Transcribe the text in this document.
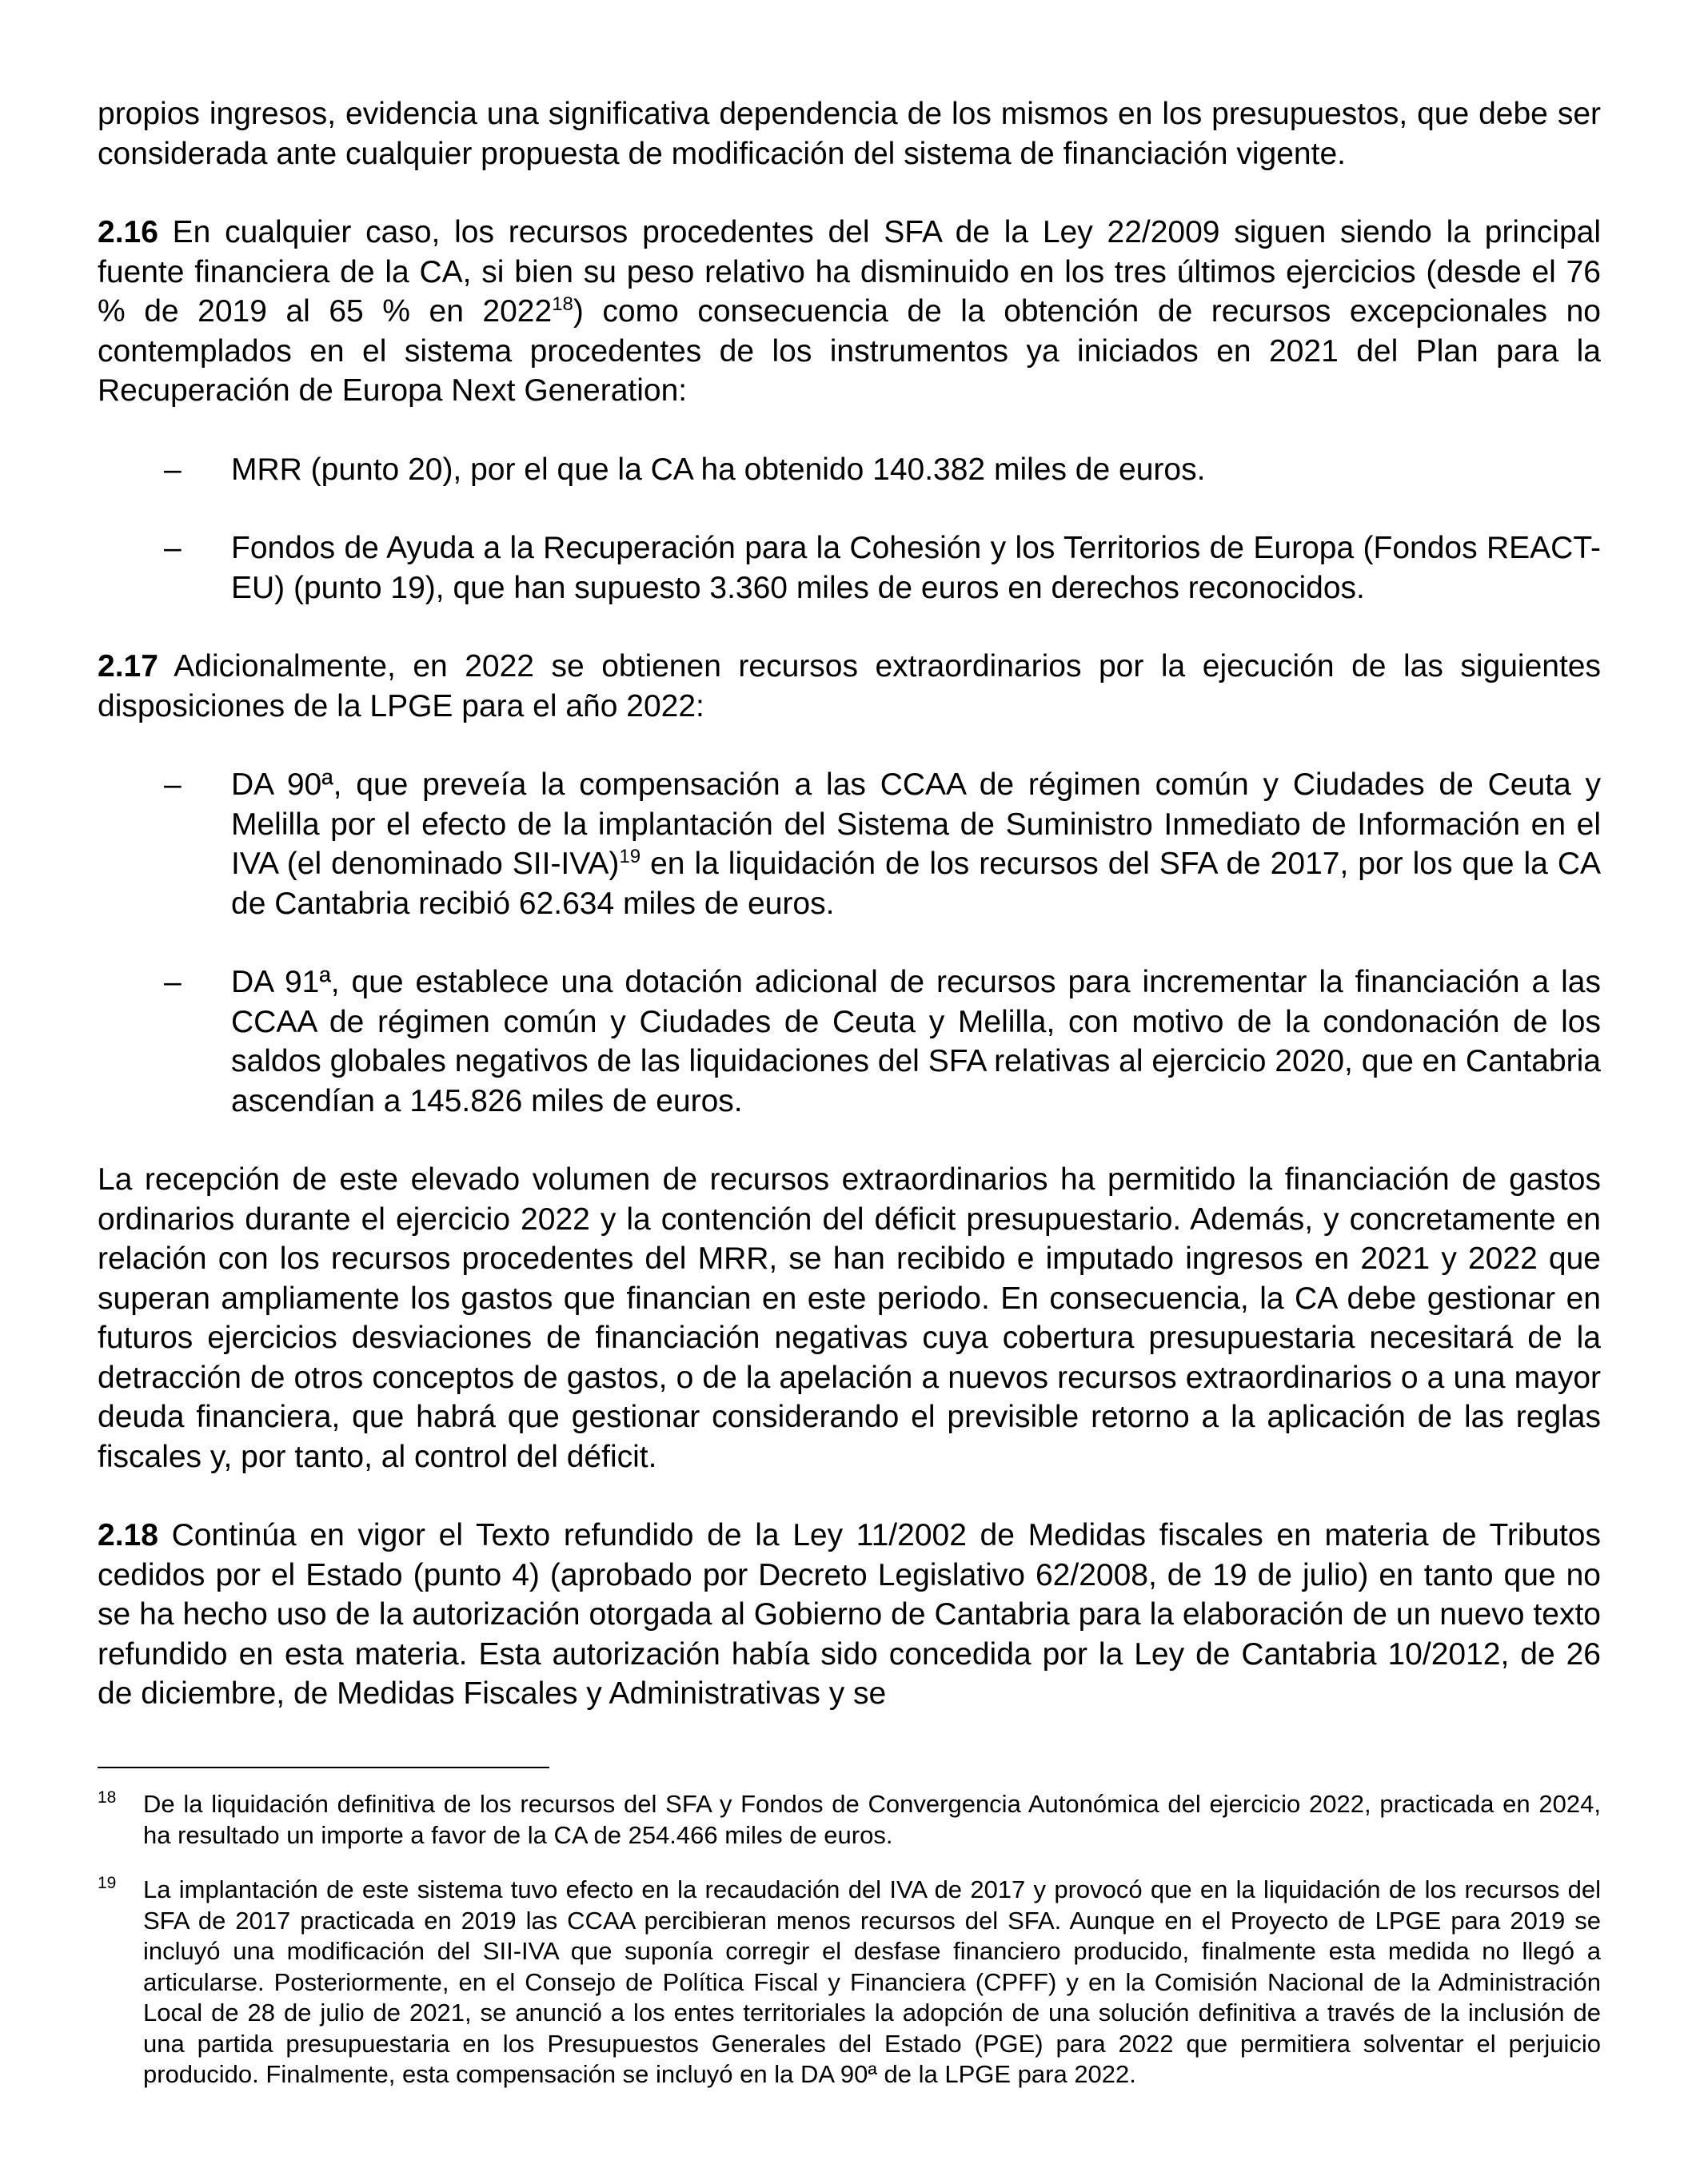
propios ingresos, evidencia una significativa dependencia de los mismos en los presupuestos, que debe ser considerada ante cualquier propuesta de modificación del sistema de financiación vigente.

2.16 En cualquier caso, los recursos procedentes del SFA de la Ley 22/2009 siguen siendo la principal fuente financiera de la CA, si bien su peso relativo ha disminuido en los tres últimos ejercicios (desde el 76 % de 2019 al 65 % en 2022$^{18}$) como consecuencia de la obtención de recursos excepcionales no contemplados en el sistema procedentes de los instrumentos ya iniciados en 2021 del Plan para la Recuperación de Europa Next Generation:

– MRR (punto 20), por el que la CA ha obtenido 140.382 miles de euros.
– Fondos de Ayuda a la Recuperación para la Cohesión y los Territorios de Europa (Fondos REACT-EU) (punto 19), que han supuesto 3.360 miles de euros en derechos reconocidos.

2.17 Adicionalmente, en 2022 se obtienen recursos extraordinarios por la ejecución de las siguientes disposiciones de la LPGE para el año 2022:

– DA 90ª, que preveía la compensación a las CCAA de régimen común y Ciudades de Ceuta y Melilla por el efecto de la implantación del Sistema de Suministro Inmediato de Información en el IVA (el denominado SII-IVA)$^{19}$ en la liquidación de los recursos del SFA de 2017, por los que la CA de Cantabria recibió 62.634 miles de euros.
– DA 91ª, que establece una dotación adicional de recursos para incrementar la financiación a las CCAA de régimen común y Ciudades de Ceuta y Melilla, con motivo de la condonación de los saldos globales negativos de las liquidaciones del SFA relativas al ejercicio 2020, que en Cantabria ascendían a 145.826 miles de euros.

La recepción de este elevado volumen de recursos extraordinarios ha permitido la financiación de gastos ordinarios durante el ejercicio 2022 y la contención del déficit presupuestario. Además, y concretamente en relación con los recursos procedentes del MRR, se han recibido e imputado ingresos en 2021 y 2022 que superan ampliamente los gastos que financian en este periodo. En consecuencia, la CA debe gestionar en futuros ejercicios desviaciones de financiación negativas cuya cobertura presupuestaria necesitará de la detracción de otros conceptos de gastos, o de la apelación a nuevos recursos extraordinarios o a una mayor deuda financiera, que habrá que gestionar considerando el previsible retorno a la aplicación de las reglas fiscales y, por tanto, al control del déficit.

2.18 Continúa en vigor el Texto refundido de la Ley 11/2002 de Medidas fiscales en materia de Tributos cedidos por el Estado (punto 4) (aprobado por Decreto Legislativo 62/2008, de 19 de julio) en tanto que no se ha hecho uso de la autorización otorgada al Gobierno de Cantabria para la elaboración de un nuevo texto refundido en esta materia. Esta autorización había sido concedida por la Ley de Cantabria 10/2012, de 26 de diciembre, de Medidas Fiscales y Administrativas y se

18 De la liquidación definitiva de los recursos del SFA y Fondos de Convergencia Autonómica del ejercicio 2022, practicada en 2024, ha resultado un importe a favor de la CA de 254.466 miles de euros.
19 La implantación de este sistema tuvo efecto en la recaudación del IVA de 2017 y provocó que en la liquidación de los recursos del SFA de 2017 practicada en 2019 las CCAA percibieran menos recursos del SFA. Aunque en el Proyecto de LPGE para 2019 se incluyó una modificación del SII-IVA que suponía corregir el desfase financiero producido, finalmente esta medida no llegó a articularse. Posteriormente, en el Consejo de Política Fiscal y Financiera (CPFF) y en la Comisión Nacional de la Administración Local de 28 de julio de 2021, se anunció a los entes territoriales la adopción de una solución definitiva a través de la inclusión de una partida presupuestaria en los Presupuestos Generales del Estado (PGE) para 2022 que permitiera solventar el perjuicio producido. Finalmente, esta compensación se incluyó en la DA 90ª de la LPGE para 2022.
